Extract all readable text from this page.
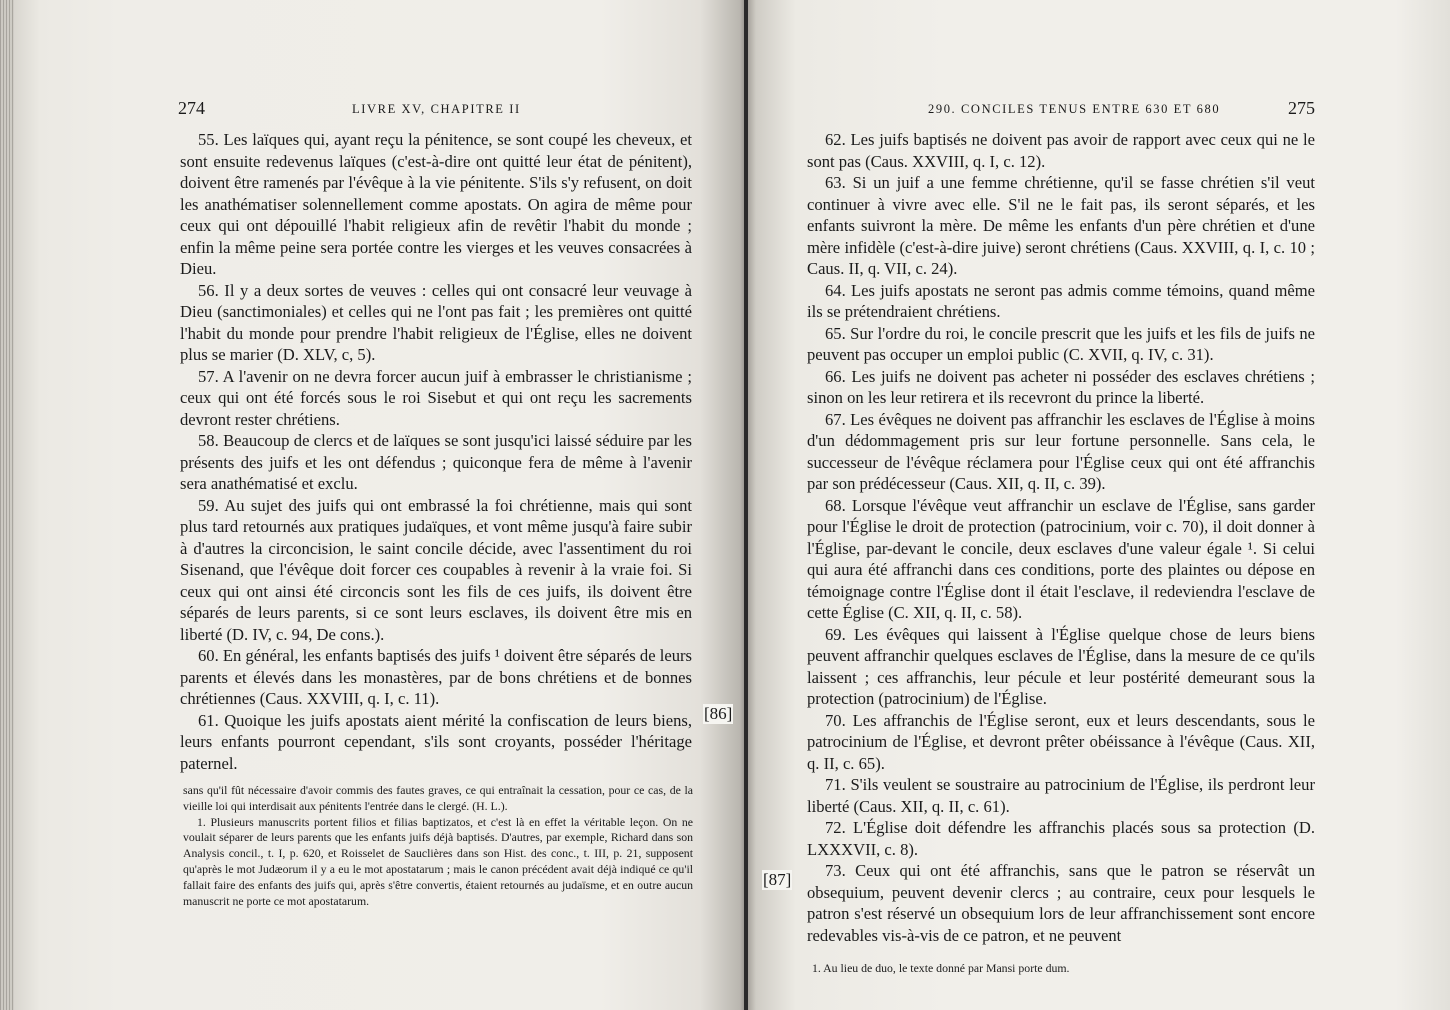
274	LIVRE XV, CHAPITRE II

55. Les laïques qui, ayant reçu la pénitence, se sont coupé les cheveux, et sont ensuite redevenus laïques (c'est-à-dire ont quitté leur état de pénitent), doivent être ramenés par l'évêque à la vie pénitente. S'ils s'y refusent, on doit les anathématiser solennellement comme apostats. On agira de même pour ceux qui ont dépouillé l'habit religieux afin de revêtir l'habit du monde ; enfin la même peine sera portée contre les vierges et les veuves consacrées à Dieu.

56. Il y a deux sortes de veuves : celles qui ont consacré leur veuvage à Dieu (sanctimoniales) et celles qui ne l'ont pas fait ; les premières ont quitté l'habit du monde pour prendre l'habit religieux de l'Église, elles ne doivent plus se marier (D. XLV, c, 5).

57. A l'avenir on ne devra forcer aucun juif à embrasser le christianisme ; ceux qui ont été forcés sous le roi Sisebut et qui ont reçu les sacrements devront rester chrétiens.

58. Beaucoup de clercs et de laïques se sont jusqu'ici laissé séduire par les présents des juifs et les ont défendus ; quiconque fera de même à l'avenir sera anathématisé et exclu.

59. Au sujet des juifs qui ont embrassé la foi chrétienne, mais qui sont plus tard retournés aux pratiques judaïques, et vont même jusqu'à faire subir à d'autres la circoncision, le saint concile décide, avec l'assentiment du roi Sisenand, que l'évêque doit forcer ces coupables à revenir à la vraie foi. Si ceux qui ont ainsi été circoncis sont les fils de ces juifs, ils doivent être séparés de leurs parents, si ce sont leurs esclaves, ils doivent être mis en liberté (D. IV, c. 94, De cons.).

60. En général, les enfants baptisés des juifs ¹ doivent être séparés de leurs parents et élevés dans les monastères, par de bons chrétiens et de bonnes chrétiennes (Caus. XXVIII, q. I, c. 11).

61. Quoique les juifs apostats aient mérité la confiscation de leurs biens, leurs enfants pourront cependant, s'ils sont croyants, posséder l'héritage paternel.

[86]

sans qu'il fût nécessaire d'avoir commis des fautes graves, ce qui entraînait la cessation, pour ce cas, de la vieille loi qui interdisait aux pénitents l'entrée dans le clergé. (H. L.).

1. Plusieurs manuscrits portent filios et filias baptizatos, et c'est là en effet la véritable leçon. On ne voulait séparer de leurs parents que les enfants juifs déjà baptisés. D'autres, par exemple, Richard dans son Analysis concil., t. I, p. 620, et Roisselet de Sauclières dans son Hist. des conc., t. III, p. 21, supposent qu'après le mot Judæorum il y a eu le mot apostatarum ; mais le canon précédent avait déjà indiqué ce qu'il fallait faire des enfants des juifs qui, après s'être convertis, étaient retournés au judaïsme, et en outre aucun manuscrit ne porte ce mot apostatarum.

290. CONCILES TENUS ENTRE 630 ET 680	275

62. Les juifs baptisés ne doivent pas avoir de rapport avec ceux qui ne le sont pas (Caus. XXVIII, q. I, c. 12).

63. Si un juif a une femme chrétienne, qu'il se fasse chrétien s'il veut continuer à vivre avec elle. S'il ne le fait pas, ils seront séparés, et les enfants suivront la mère. De même les enfants d'un père chrétien et d'une mère infidèle (c'est-à-dire juive) seront chrétiens (Caus. XXVIII, q. I, c. 10 ; Caus. II, q. VII, c. 24).

64. Les juifs apostats ne seront pas admis comme témoins, quand même ils se prétendraient chrétiens.

65. Sur l'ordre du roi, le concile prescrit que les juifs et les fils de juifs ne peuvent pas occuper un emploi public (C. XVII, q. IV, c. 31).

66. Les juifs ne doivent pas acheter ni posséder des esclaves chrétiens ; sinon on les leur retirera et ils recevront du prince la liberté.

67. Les évêques ne doivent pas affranchir les esclaves de l'Église à moins d'un dédommagement pris sur leur fortune personnelle. Sans cela, le successeur de l'évêque réclamera pour l'Église ceux qui ont été affranchis par son prédécesseur (Caus. XII, q. II, c. 39).

68. Lorsque l'évêque veut affranchir un esclave de l'Église, sans garder pour l'Église le droit de protection (patrocinium, voir c. 70), il doit donner à l'Église, par-devant le concile, deux esclaves d'une valeur égale ¹. Si celui qui aura été affranchi dans ces conditions, porte des plaintes ou dépose en témoignage contre l'Église dont il était l'esclave, il redeviendra l'esclave de cette Église (C. XII, q. II, c. 58).

69. Les évêques qui laissent à l'Église quelque chose de leurs biens peuvent affranchir quelques esclaves de l'Église, dans la mesure de ce qu'ils laissent ; ces affranchis, leur pécule et leur postérité demeurant sous la protection (patrocinium) de l'Église.

70. Les affranchis de l'Église seront, eux et leurs descendants, sous le patrocinium de l'Église, et devront prêter obéissance à l'évêque (Caus. XII, q. II, c. 65).

71. S'ils veulent se soustraire au patrocinium de l'Église, ils perdront leur liberté (Caus. XII, q. II, c. 61).

72. L'Église doit défendre les affranchis placés sous sa protection (D. LXXXVII, c. 8).

73. Ceux qui ont été affranchis, sans que le patron se réservât un obsequium, peuvent devenir clercs ; au contraire, ceux pour lesquels le patron s'est réservé un obsequium lors de leur affranchissement sont encore redevables vis-à-vis de ce patron, et ne peuvent

[87]

1. Au lieu de duo, le texte donné par Mansi porte dum.
